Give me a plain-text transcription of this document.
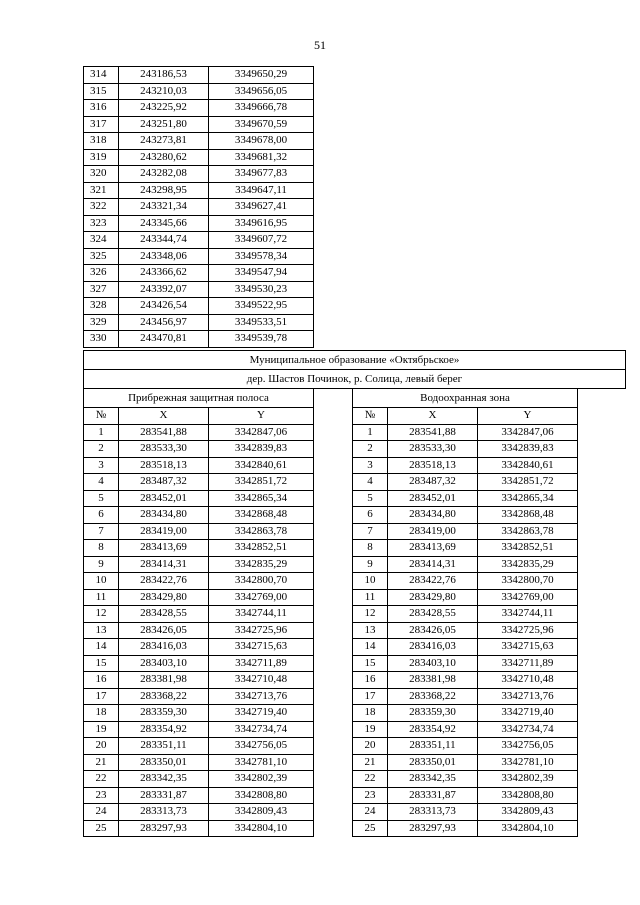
51
314	243186,53	3349650,29
315	243210,03	3349656,05
316	243225,92	3349666,78
317	243251,80	3349670,59
318	243273,81	3349678,00
319	243280,62	3349681,32
320	243282,08	3349677,83
321	243298,95	3349647,11
322	243321,34	3349627,41
323	243345,66	3349616,95
324	243344,74	3349607,72
325	243348,06	3349578,34
326	243366,62	3349547,94
327	243392,07	3349530,23
328	243426,54	3349522,95
329	243456,97	3349533,51
330	243470,81	3349539,78
Муниципальное образование «Октябрьское»
дер. Шастов Починок, р. Солица, левый берег
Прибрежная защитная полоса		
№	X	Y
1	283541,88	3342847,06
2	283533,30	3342839,83
3	283518,13	3342840,61
4	283487,32	3342851,72
5	283452,01	3342865,34
6	283434,80	3342868,48
7	283419,00	3342863,78
8	283413,69	3342852,51
9	283414,31	3342835,29
10	283422,76	3342800,70
11	283429,80	3342769,00
12	283428,55	3342744,11
13	283426,05	3342725,96
14	283416,03	3342715,63
15	283403,10	3342711,89
16	283381,98	3342710,48
17	283368,22	3342713,76
18	283359,30	3342719,40
19	283354,92	3342734,74
20	283351,11	3342756,05
21	283350,01	3342781,10
22	283342,35	3342802,39
23	283331,87	3342808,80
24	283313,73	3342809,43
25	283297,93	3342804,10
Водоохранная зона		
№	X	Y
1	283541,88	3342847,06
2	283533,30	3342839,83
3	283518,13	3342840,61
4	283487,32	3342851,72
5	283452,01	3342865,34
6	283434,80	3342868,48
7	283419,00	3342863,78
8	283413,69	3342852,51
9	283414,31	3342835,29
10	283422,76	3342800,70
11	283429,80	3342769,00
12	283428,55	3342744,11
13	283426,05	3342725,96
14	283416,03	3342715,63
15	283403,10	3342711,89
16	283381,98	3342710,48
17	283368,22	3342713,76
18	283359,30	3342719,40
19	283354,92	3342734,74
20	283351,11	3342756,05
21	283350,01	3342781,10
22	283342,35	3342802,39
23	283331,87	3342808,80
24	283313,73	3342809,43
25	283297,93	3342804,10
